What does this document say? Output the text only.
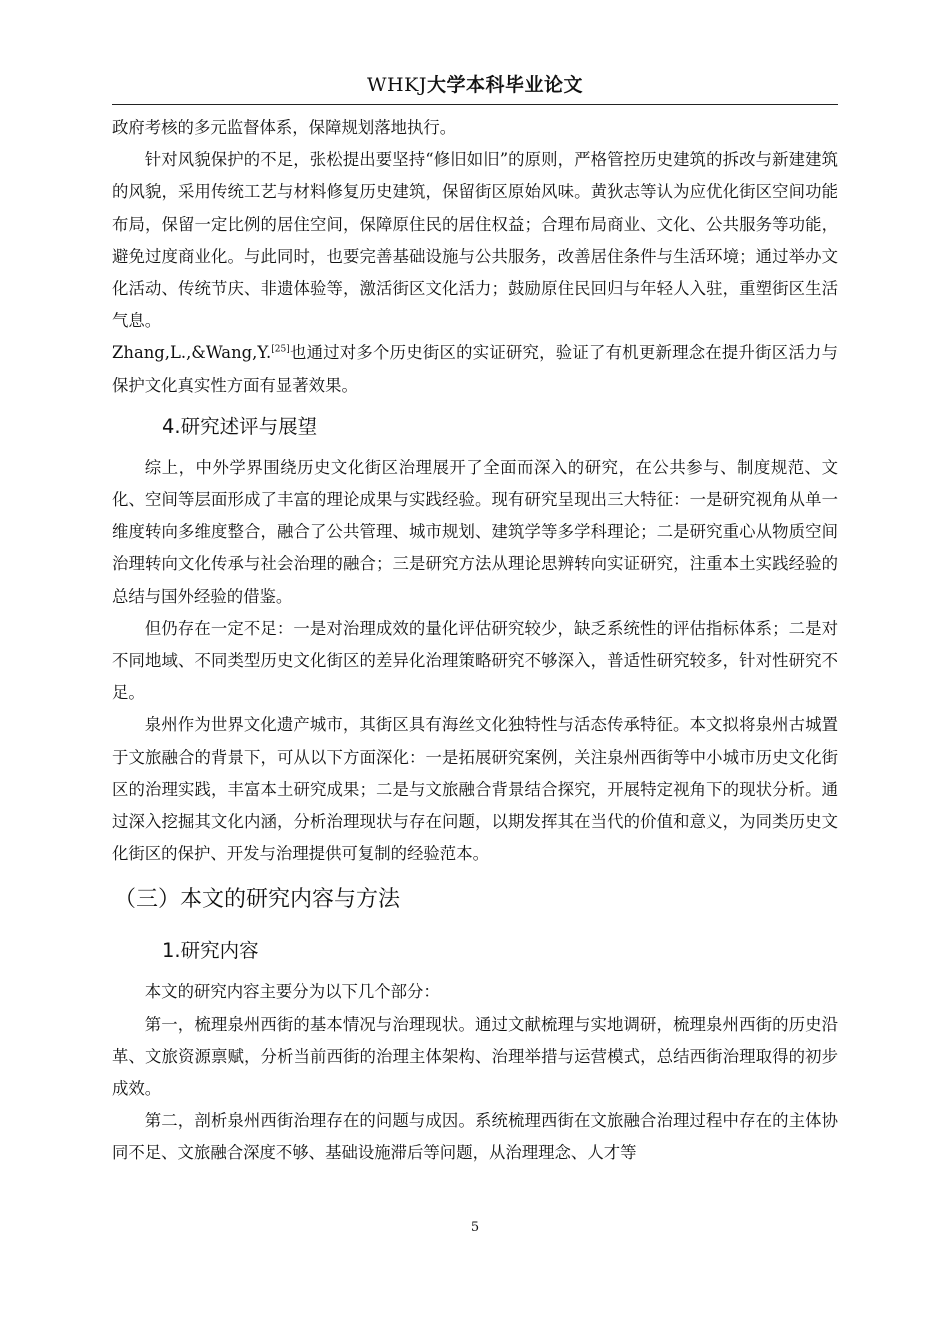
WHKJ大学本科毕业论文

政府考核的多元监督体系，保障规划落地执行。

针对风貌保护的不足，张松提出要坚持“修旧如旧”的原则，严格管控历史建筑的拆改与新建建筑的风貌，采用传统工艺与材料修复历史建筑，保留街区原始风味。黄狄志等认为应优化街区空间功能布局，保留一定比例的居住空间，保障原住民的居住权益；合理布局商业、文化、公共服务等功能，避免过度商业化。与此同时，也要完善基础设施与公共服务，改善居住条件与生活环境；通过举办文化活动、传统节庆、非遗体验等，激活街区文化活力；鼓励原住民回归与年轻人入驻，重塑街区生活气息。

Zhang,L.,&Wang,Y.[25]也通过对多个历史街区的实证研究，验证了有机更新理念在提升街区活力与保护文化真实性方面有显著效果。

4.研究述评与展望

综上，中外学界围绕历史文化街区治理展开了全面而深入的研究，在公共参与、制度规范、文化、空间等层面形成了丰富的理论成果与实践经验。现有研究呈现出三大特征：一是研究视角从单一维度转向多维度整合，融合了公共管理、城市规划、建筑学等多学科理论；二是研究重心从物质空间治理转向文化传承与社会治理的融合；三是研究方法从理论思辨转向实证研究，注重本土实践经验的总结与国外经验的借鉴。

但仍存在一定不足：一是对治理成效的量化评估研究较少，缺乏系统性的评估指标体系；二是对不同地域、不同类型历史文化街区的差异化治理策略研究不够深入，普适性研究较多，针对性研究不足。

泉州作为世界文化遗产城市，其街区具有海丝文化独特性与活态传承特征。本文拟将泉州古城置于文旅融合的背景下，可从以下方面深化：一是拓展研究案例，关注泉州西街等中小城市历史文化街区的治理实践，丰富本土研究成果；二是与文旅融合背景结合探究，开展特定视角下的现状分析。通过深入挖掘其文化内涵，分析治理现状与存在问题，以期发挥其在当代的价值和意义，为同类历史文化街区的保护、开发与治理提供可复制的经验范本。

（三）本文的研究内容与方法
1.研究内容

本文的研究内容主要分为以下几个部分：

第一，梳理泉州西街的基本情况与治理现状。通过文献梳理与实地调研，梳理泉州西街的历史沿革、文旅资源禀赋，分析当前西街的治理主体架构、治理举措与运营模式，总结西街治理取得的初步成效。

第二，剖析泉州西街治理存在的问题与成因。系统梳理西街在文旅融合治理过程中存在的主体协同不足、文旅融合深度不够、基础设施滞后等问题，从治理理念、人才等

5
